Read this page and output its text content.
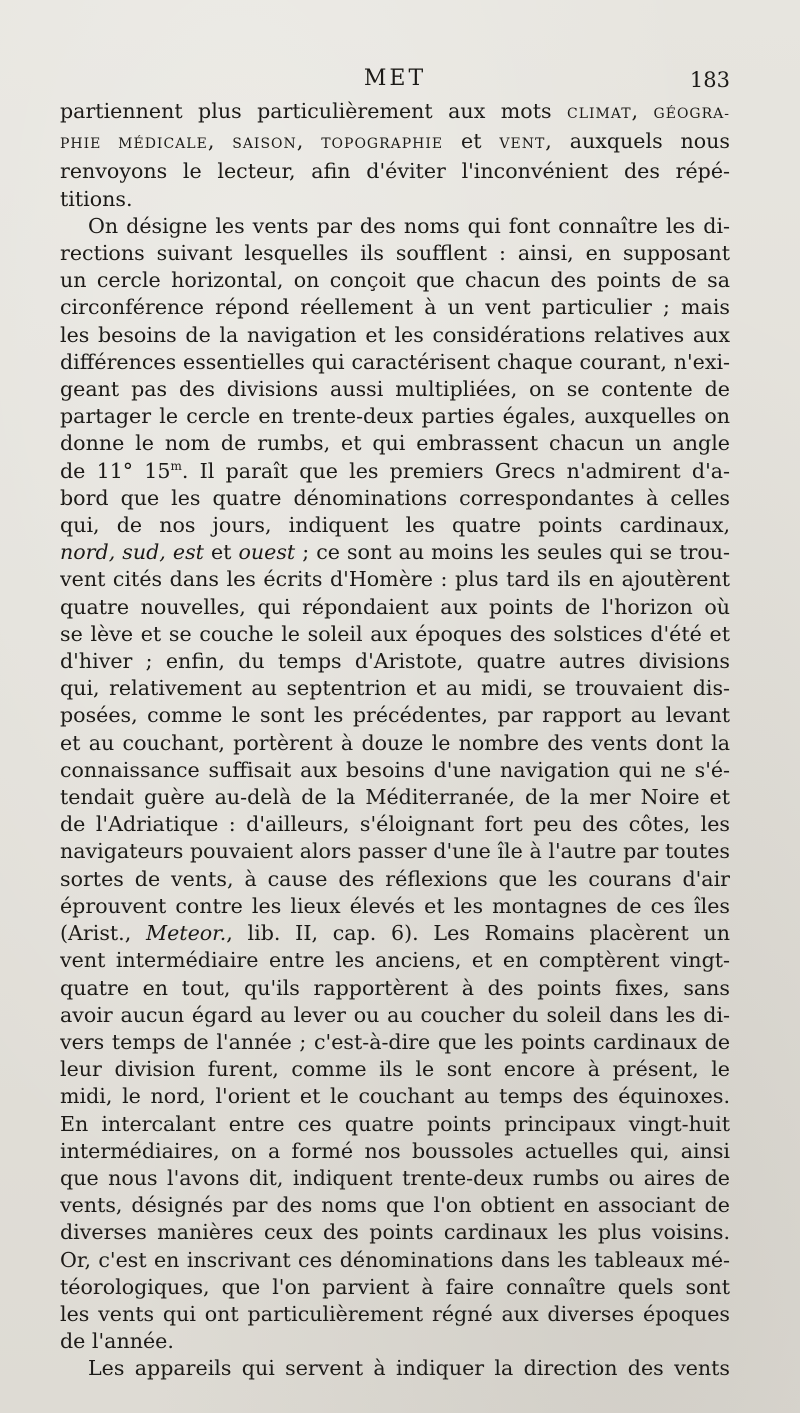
MET	183
partiennent plus particulièrement aux mots CLIMAT, GÉOGRA-
PHIE MÉDICALE, SAISON, TOPOGRAPHIE et VENT, auxquels nous
renvoyons le lecteur, afin d'éviter l'inconvénient des répé-
titions.
On désigne les vents par des noms qui font connaître les di-
rections suivant lesquelles ils soufflent : ainsi, en supposant
un cercle horizontal, on conçoit que chacun des points de sa
circonférence répond réellement à un vent particulier ; mais
les besoins de la navigation et les considérations relatives aux
différences essentielles qui caractérisent chaque courant, n'exi-
geant pas des divisions aussi multipliées, on se contente de
partager le cercle en trente-deux parties égales, auxquelles on
donne le nom de rumbs, et qui embrassent chacun un angle
de 11° 15$^m$. Il paraît que les premiers Grecs n'admirent d'a-
bord que les quatre dénominations correspondantes à celles
qui, de nos jours, indiquent les quatre points cardinaux,
nord, sud, est et ouest ; ce sont au moins les seules qui se trou-
vent cités dans les écrits d'Homère : plus tard ils en ajoutèrent
quatre nouvelles, qui répondaient aux points de l'horizon où
se lève et se couche le soleil aux époques des solstices d'été et
d'hiver ; enfin, du temps d'Aristote, quatre autres divisions
qui, relativement au septentrion et au midi, se trouvaient dis-
posées, comme le sont les précédentes, par rapport au levant
et au couchant, portèrent à douze le nombre des vents dont la
connaissance suffisait aux besoins d'une navigation qui ne s'é-
tendait guère au-delà de la Méditerranée, de la mer Noire et
de l'Adriatique : d'ailleurs, s'éloignant fort peu des côtes, les
navigateurs pouvaient alors passer d'une île à l'autre par toutes
sortes de vents, à cause des réflexions que les courans d'air
éprouvent contre les lieux élevés et les montagnes de ces îles
(Arist., Meteor., lib. II, cap. 6). Les Romains placèrent un
vent intermédiaire entre les anciens, et en comptèrent vingt-
quatre en tout, qu'ils rapportèrent à des points fixes, sans
avoir aucun égard au lever ou au coucher du soleil dans les di-
vers temps de l'année ; c'est-à-dire que les points cardinaux de
leur division furent, comme ils le sont encore à présent, le
midi, le nord, l'orient et le couchant au temps des équinoxes.
En intercalant entre ces quatre points principaux vingt-huit
intermédiaires, on a formé nos boussoles actuelles qui, ainsi
que nous l'avons dit, indiquent trente-deux rumbs ou aires de
vents, désignés par des noms que l'on obtient en associant de
diverses manières ceux des points cardinaux les plus voisins.
Or, c'est en inscrivant ces dénominations dans les tableaux mé-
téorologiques, que l'on parvient à faire connaître quels sont
les vents qui ont particulièrement régné aux diverses époques
de l'année.
Les appareils qui servent à indiquer la direction des vents
